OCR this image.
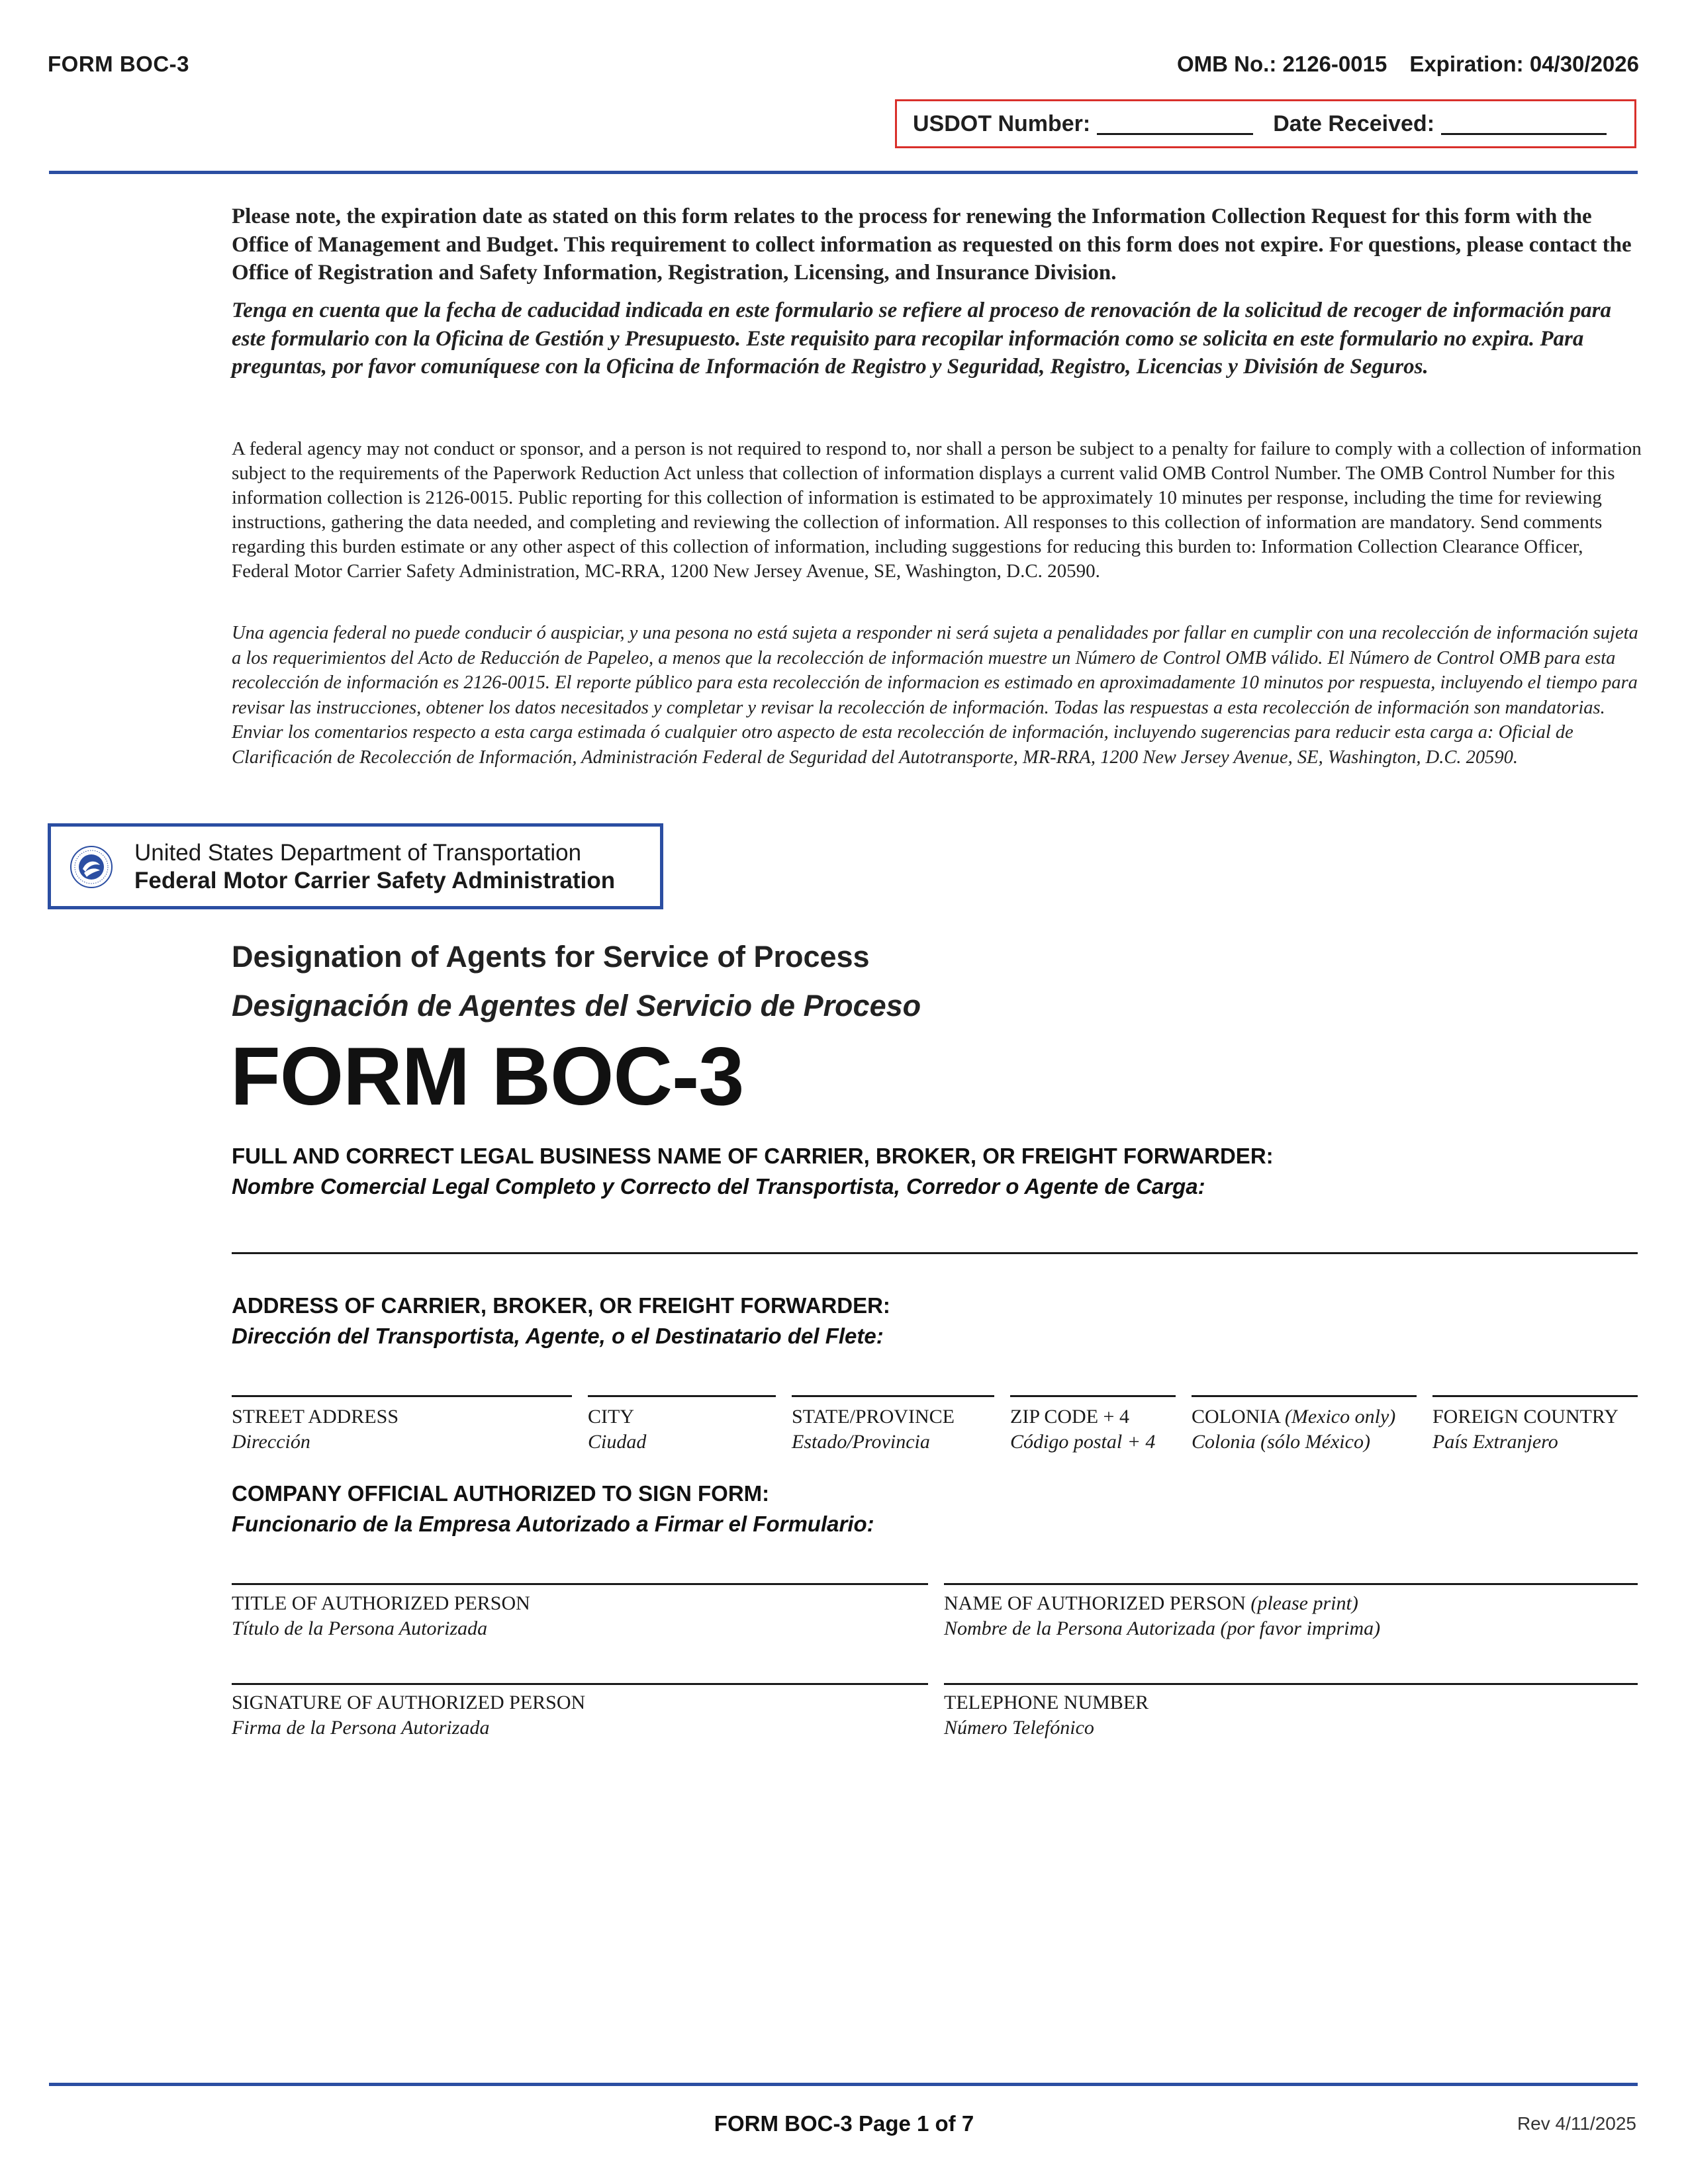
FORM BOC-3	OMB No.: 2126-0015 Expiration: 04/30/2026
USDOT Number:	Date Received:
Please note, the expiration date as stated on this form relates to the process for renewing the Information Collection Request for this form with the Office of Management and Budget. This requirement to collect information as requested on this form does not expire. For questions, please contact the Office of Registration and Safety Information, Registration, Licensing, and Insurance Division.
Tenga en cuenta que la fecha de caducidad indicada en este formulario se refiere al proceso de renovación de la solicitud de recoger de información para este formulario con la Oficina de Gestión y Presupuesto. Este requisito para recopilar información como se solicita en este formulario no expira. Para preguntas, por favor comuníquese con la Oficina de Información de Registro y Seguridad, Registro, Licencias y División de Seguros.
A federal agency may not conduct or sponsor, and a person is not required to respond to, nor shall a person be subject to a penalty for failure to comply with a collection of information subject to the requirements of the Paperwork Reduction Act unless that collection of information displays a current valid OMB Control Number. The OMB Control Number for this information collection is 2126-0015. Public reporting for this collection of information is estimated to be approximately 10 minutes per response, including the time for reviewing instructions, gathering the data needed, and completing and reviewing the collection of information. All responses to this collection of information are mandatory. Send comments regarding this burden estimate or any other aspect of this collection of information, including suggestions for reducing this burden to: Information Collection Clearance Officer, Federal Motor Carrier Safety Administration, MC-RRA, 1200 New Jersey Avenue, SE, Washington, D.C. 20590.
Una agencia federal no puede conducir ó auspiciar, y una pesona no está sujeta a responder ni será sujeta a penalidades por fallar en cumplir con una recolección de información sujeta a los requerimientos del Acto de Reducción de Papeleo, a menos que la recolección de información muestre un Número de Control OMB válido. El Número de Control OMB para esta recolección de información es 2126-0015. El reporte público para esta recolección de informacion es estimado en aproximadamente 10 minutos por respuesta, incluyendo el tiempo para revisar las instrucciones, obtener los datos necesitados y completar y revisar la recolección de información. Todas las respuestas a esta recolección de información son mandatorias. Enviar los comentarios respecto a esta carga estimada ó cualquier otro aspecto de esta recolección de información, incluyendo sugerencias para reducir esta carga a: Oficial de Clarificación de Recolección de Información, Administración Federal de Seguridad del Autotransporte, MR-RRA, 1200 New Jersey Avenue, SE, Washington, D.C. 20590.
United States Department of Transportation
Federal Motor Carrier Safety Administration
Designation of Agents for Service of Process
Designación de Agentes del Servicio de Proceso
FORM BOC-3
FULL AND CORRECT LEGAL BUSINESS NAME OF CARRIER, BROKER, OR FREIGHT FORWARDER:
Nombre Comercial Legal Completo y Correcto del Transportista, Corredor o Agente de Carga:
ADDRESS OF CARRIER, BROKER, OR FREIGHT FORWARDER:
Dirección del Transportista, Agente, o el Destinatario del Flete:
STREET ADDRESS
Dirección
CITY
Ciudad
STATE/PROVINCE
Estado/Provincia
ZIP CODE + 4
Código postal + 4
COLONIA (Mexico only)
Colonia (sólo México)
FOREIGN COUNTRY
País Extranjero
COMPANY OFFICIAL AUTHORIZED TO SIGN FORM:
Funcionario de la Empresa Autorizado a Firmar el Formulario:
TITLE OF AUTHORIZED PERSON
Título de la Persona Autorizada
NAME OF AUTHORIZED PERSON (please print)
Nombre de la Persona Autorizada (por favor imprima)
SIGNATURE OF AUTHORIZED PERSON
Firma de la Persona Autorizada
TELEPHONE NUMBER
Número Telefónico
FORM BOC-3 Page 1 of 7	Rev 4/11/2025
